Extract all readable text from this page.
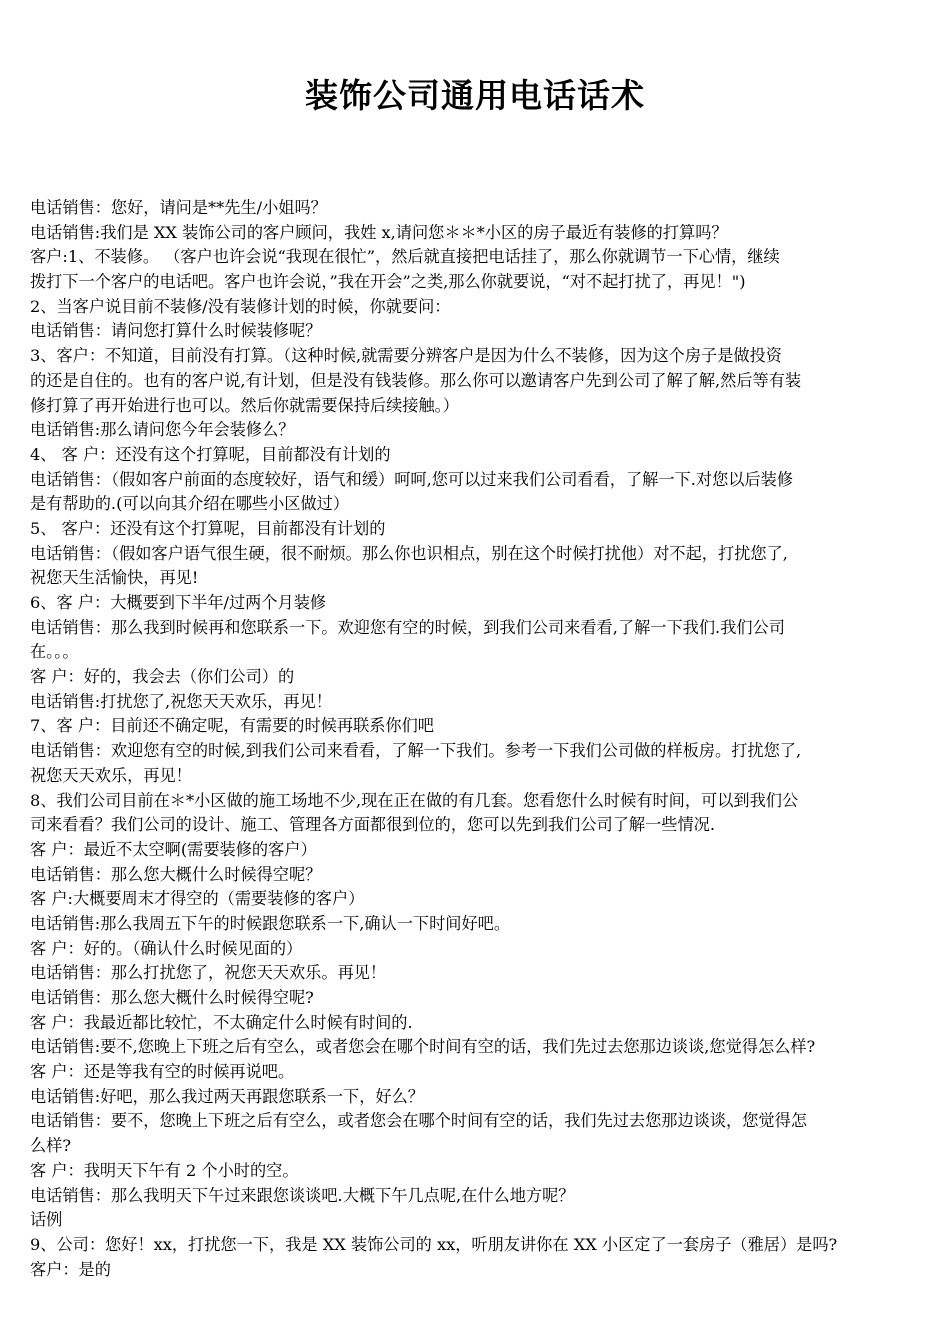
装饰公司通用电话话术
电话销售：您好，请问是**先生/小姐吗？
电话销售:我们是 XX 装饰公司的客户顾问，我姓 x,请问您＊＊*小区的房子最近有装修的打算吗？
客户:1、不装修。 （客户也许会说“我现在很忙”，然后就直接把电话挂了，那么你就调节一下心情，继续
拨打下一个客户的电话吧。客户也许会说，”我在开会”之类,那么你就要说，“对不起打扰了，再见！")
2、当客户说目前不装修/没有装修计划的时候，你就要问：
电话销售：请问您打算什么时候装修呢？
3、客户：不知道，目前没有打算。（这种时候,就需要分辨客户是因为什么不装修，因为这个房子是做投资
的还是自住的。也有的客户说,有计划，但是没有钱装修。那么你可以邀请客户先到公司了解了解,然后等有装
修打算了再开始进行也可以。然后你就需要保持后续接触。）
电话销售:那么请问您今年会装修么？
4、 客 户：还没有这个打算呢，目前都没有计划的
电话销售：（假如客户前面的态度较好，语气和缓）呵呵,您可以过来我们公司看看，了解一下.对您以后装修
是有帮助的.(可以向其介绍在哪些小区做过）
5、 客户：还没有这个打算呢，目前都没有计划的
电话销售：（假如客户语气很生硬，很不耐烦。那么你也识相点，别在这个时候打扰他）对不起，打扰您了,
祝您天生活愉快，再见!
6、客 户：大概要到下半年/过两个月装修
电话销售：那么我到时候再和您联系一下。欢迎您有空的时候，到我们公司来看看,了解一下我们.我们公司
在。。。
客 户：好的，我会去（你们公司）的
电话销售:打扰您了,祝您天天欢乐，再见！
7、客 户：目前还不确定呢，有需要的时候再联系你们吧
电话销售：欢迎您有空的时候,到我们公司来看看，了解一下我们。参考一下我们公司做的样板房。打扰您了,
祝您天天欢乐，再见！
8、我们公司目前在＊*小区做的施工场地不少,现在正在做的有几套。您看您什么时候有时间，可以到我们公
司来看看？我们公司的设计、施工、管理各方面都很到位的，您可以先到我们公司了解一些情况.
客 户：最近不太空啊(需要装修的客户）
电话销售：那么您大概什么时候得空呢？
客 户:大概要周末才得空的（需要装修的客户）
电话销售:那么我周五下午的时候跟您联系一下,确认一下时间好吧。
客 户：好的。（确认什么时候见面的）
电话销售：那么打扰您了，祝您天天欢乐。再见！
电话销售：那么您大概什么时候得空呢?
客 户：我最近都比较忙，不太确定什么时候有时间的.
电话销售:要不,您晚上下班之后有空么，或者您会在哪个时间有空的话，我们先过去您那边谈谈,您觉得怎么样?
客 户：还是等我有空的时候再说吧。
电话销售:好吧，那么我过两天再跟您联系一下，好么？
电话销售：要不，您晚上下班之后有空么，或者您会在哪个时间有空的话，我们先过去您那边谈谈，您觉得怎
么样?
客 户：我明天下午有 2 个小时的空。
电话销售：那么我明天下午过来跟您谈谈吧.大概下午几点呢,在什么地方呢？
话例
9、公司：您好！xx，打扰您一下，我是 XX 装饰公司的 xx，听朋友讲你在 XX 小区定了一套房子（雅居）是吗?
客户：是的
